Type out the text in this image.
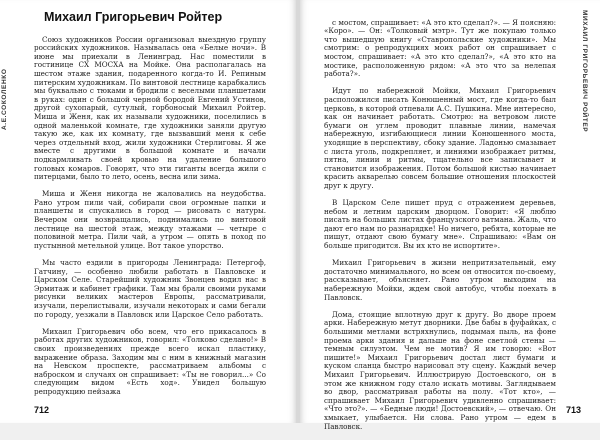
Михаил Григорьевич Ройтер

Союз художников России организовал выездную группу российских художников. Называлась она «Белые ночи». В июне мы приехали в Ленинград. Нас поместили в гостинице СХ МОСХА на Мойке. Она располагалась на шестом этаже здания, подаренного когда-то И. Репиным питерским художникам. По винтовой лестнице карабкались мы буквально с тюками и бродили с веселыми планшетами в руках: один с большой черной бородой Евгений Устинов, другой сухопарый, сутулый, горбоносый Михаил Ройтер. Миша и Женя, как их называли художники, поселились в одной маленькой комнате, где художники заняли другую такую же, как их комнату, где вызвавший меня к себе через отдельный вход, жили художники Стерлиговы. Я же вместе с другими в большой комнате и начали подкармливать своей кровью на удаление большого головых комаров. Говорят, что эти гиганты всегда жили с питерцами, было то лето, осень, весна или зима.

Миша и Женя никогда не жаловались на неудобства. Рано утром пили чай, собирали свои огромные папки и планшеты и спускались в город — рисовать с натуры. Вечером они возвращались, поднимались по винтовой лестнице на шестой этаж, между этажами — четыре с половиной метра. Пили чай, а утром — опять в поход по пустынной метельной улице. Вот такое упорство.

Мы часто ездили в пригороды Ленинграда: Петергоф, Гатчину, — особенно любили работать в Павловске и Царском Селе. Старейший художник Звонцев водил нас в Эрмитаж и кабинет графики. Там мы брали своими руками рисунки великих мастеров Европы, рассматривали, изучали, перелистывали, изучали некоторых и сами бегали по городу, уезжали в Павловск или Царское Село работать.

Михаил Григорьевич обо всем, что его прикасалось в работах других художников, говорил: «Толково сделано!» В своих произведениях прежде всего искал пластику, выражение образа. Заходим мы с ним в книжный магазин на Невском проспекте, рассматриваем альбомы с наброском и случаях он спрашивает: «Ты не говорил...» Со следующим видом «Есть ход». Увидел большую репродукцию пейзажа

с мостом, спрашивает: «А это кто сделал?». — Я поясняю: «Коро». — Он: «Толковый мэтр». Тут же покупаю только что вышедшую книгу «Ставропольские художники». Мы смотрим: о репродукциях моих работ он спрашивает с мостом, спрашивает: «А это кто сделал?», «А это кто на мостике, расположенную рядом: «А это что за нелепая работа?».

Идут по набережной Мойки, Михаил Григорьевич расположился писать Конюшенный мост, где когда-то был церковь, в которой отпевали А.С. Пушкина. Мне интересно, как он начинает работать. Смотрю: на ветровом листе бумаги он углем проводит плавные линии, намечая набережную, изгибающиеся линии Конюшенного моста, уходящие в перспективу, сбоку здание. Ладонью смазывает с листа уголь, подкрепляет, и линиями изображает ритмы, пятна, линии и ритмы, тщательно все записывает и становится изображения. Потом большой кистью начинает красить акварелью совсем большие отношения плоскостей друг к другу.

В Царском Селе пишет пруд с отражением деревьев, небом и летним царским дворцом. Говорит: «Я люблю писать на больших листах французского ватмана. Жаль, что дают его нам по разнарядке! Но ничего, ребята, которые не пишут, отдают свою бумагу мне». Спрашиваю: «Вам он больше пригодится. Вы их кто не испортите».

Михаил Григорьевич в жизни непритязательный, ему достаточно минимального, но всем он относится по-своему, рассказывает, объясняет. Рано утром выходим на набережную Мойки, ждем свой автобус, чтобы поехать в Павловск.

Дома, стоящие вплотную друг к другу. Во дворе проем арки. Набережную метут дворники. Две бабы в фуфайках, с большими метлами встряхнулись, подымая пыль, на фоне проема арки здания и дальше на фоне светлой стены — темным силуэтом. Чем не мотив? Я им говорю: «Вот пишите!» Михаил Григорьевич достал лист бумаги и куском сланца быстро нарисовал эту сцену. Каждый вечер Михаил Григорьевич. Иллюстрирую Достоевского, он в этом же книжном году стало искать мотивы. Заглядываем во двор, рассматривая работы на полу. «Тот кто», — спрашивает Михаил Григорьевич удивленно спрашивает: «Что это?». — «Бедные люди! Достоевский», — отвечаю. Он хмыкает, улыбается. Ни слова. Рано утром — едем в Павловск.

А.Е.СОКОЛЕНКО	МИХАИЛ ГРИГОРЬЕВИЧ РОЙТЕР
712	713
